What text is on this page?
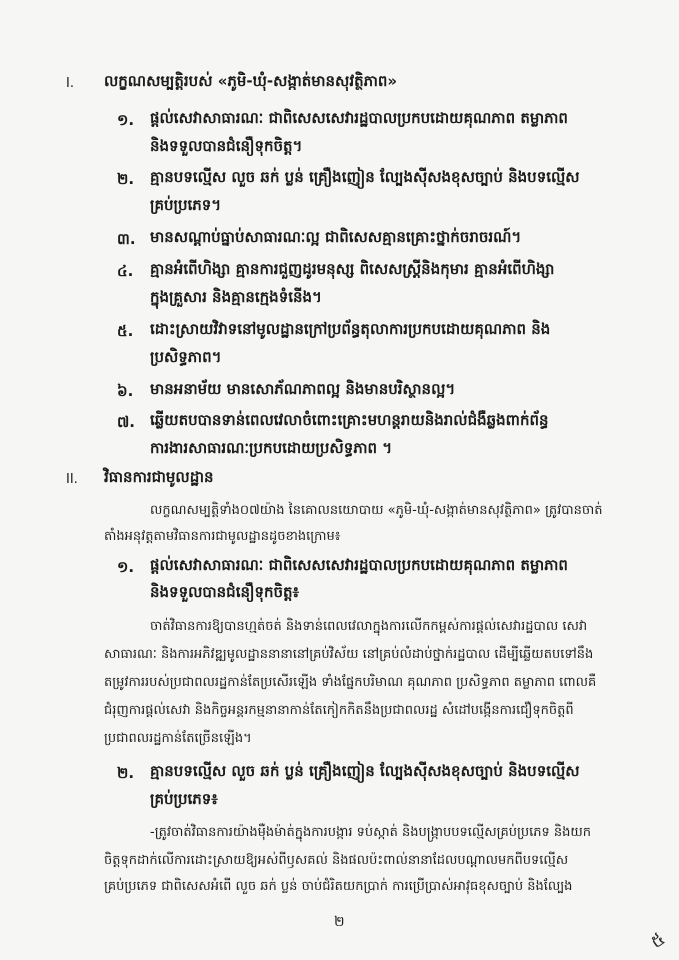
I. លក្ខណសម្បត្តិរបស់ «ភូមិ-ឃុំ-សង្កាត់មានសុវត្ថិភាព»
១. ផ្តល់សេវាសាធារណៈ ជាពិសេសសេវារដ្ឋបាលប្រកបដោយគុណភាព តម្លាភាព
និងទទួលបានជំនឿទុកចិត្ត។
២. គ្មានបទល្មើស លួច ឆក់ ប្លន់ គ្រឿងញៀន ល្បែងស៊ីសងខុសច្បាប់ និងបទល្មើស
គ្រប់ប្រភេទ។
៣. មានសណ្តាប់ធ្នាប់សាធារណៈល្អ ជាពិសេសគ្មានគ្រោះថ្នាក់ចរាចរណ៍។
៤. គ្មានអំពើហិង្សា គ្មានការជួញដូរមនុស្ស ពិសេសស្ត្រីនិងកុមារ គ្មានអំពើហិង្សា
ក្នុងគ្រួសារ និងគ្មានក្មេងទំនើង។
៥. ដោះស្រាយវិវាទនៅមូលដ្ឋានក្រៅប្រព័ន្ធតុលាការប្រកបដោយគុណភាព និង
ប្រសិទ្ធភាព។
៦. មានអនាម័យ មានសោភ័ណភាពល្អ និងមានបរិស្ថានល្អ។
៧. ឆ្លើយតបបានទាន់ពេលវេលាចំពោះគ្រោះមហន្តរាយនិងរាល់ជំងឺឆ្លងពាក់ព័ន្ធ
ការងារសាធារណៈប្រកបដោយប្រសិទ្ធភាព ។
II. វិធានការជាមូលដ្ឋាន
លក្ខណសម្បត្តិទាំង០៧យ៉ាង នៃគោលនយោបាយ «ភូមិ-ឃុំ-សង្កាត់មានសុវត្ថិភាព» ត្រូវបានចាត់
តាំងអនុវត្តតាមវិធានការជាមូលដ្ឋានដូចខាងក្រោម៖
១. ផ្តល់សេវាសាធារណៈ ជាពិសេសសេវារដ្ឋបាលប្រកបដោយគុណភាព តម្លាភាព
និងទទួលបានជំនឿទុកចិត្ត៖
ចាត់វិធានការឱ្យបានហ្មត់ចត់ និងទាន់ពេលវេលាក្នុងការលើកកម្ពស់ការផ្តល់សេវារដ្ឋបាល សេវា
សាធារណៈ និងការអភិវឌ្ឍមូលដ្ឋាននានានៅគ្រប់វិស័យ នៅគ្រប់លំដាប់ថ្នាក់រដ្ឋបាល ដើម្បីឆ្លើយតបទៅនឹង
តម្រូវការរបស់ប្រជាពលរដ្ឋកាន់តែប្រសើរឡើង ទាំងផ្នែកបរិមាណ គុណភាព ប្រសិទ្ធភាព តម្លាភាព ពោលគឺ
ជំរុញការផ្តល់សេវា និងកិច្ចអន្តរកម្មនានាកាន់តែកៀកកិតនឹងប្រជាពលរដ្ឋ សំដៅបង្កើនការជឿទុកចិត្តពី
ប្រជាពលរដ្ឋកាន់តែច្រើនឡើង។
២. គ្មានបទល្មើស លួច ឆក់ ប្លន់ គ្រឿងញៀន ល្បែងស៊ីសងខុសច្បាប់ និងបទល្មើស
គ្រប់ប្រភេទ៖
-ត្រូវចាត់វិធានការយ៉ាងម៉ឺងម៉ាត់ក្នុងការបង្ការ ទប់ស្កាត់ និងបង្ក្រាបបទល្មើសគ្រប់ប្រភេទ និងយក
ចិត្តទុកដាក់លើការដោះស្រាយឱ្យអស់ពីឫសគល់ និងផលប៉ះពាល់នានាដែលបណ្តាលមកពីបទល្មើស
គ្រប់ប្រភេទ ជាពិសេសអំពើ លួច ឆក់ ប្លន់ ចាប់ជំរិតយកប្រាក់ ការប្រើប្រាស់អាវុធខុសច្បាប់ និងល្បែង
២
៥
